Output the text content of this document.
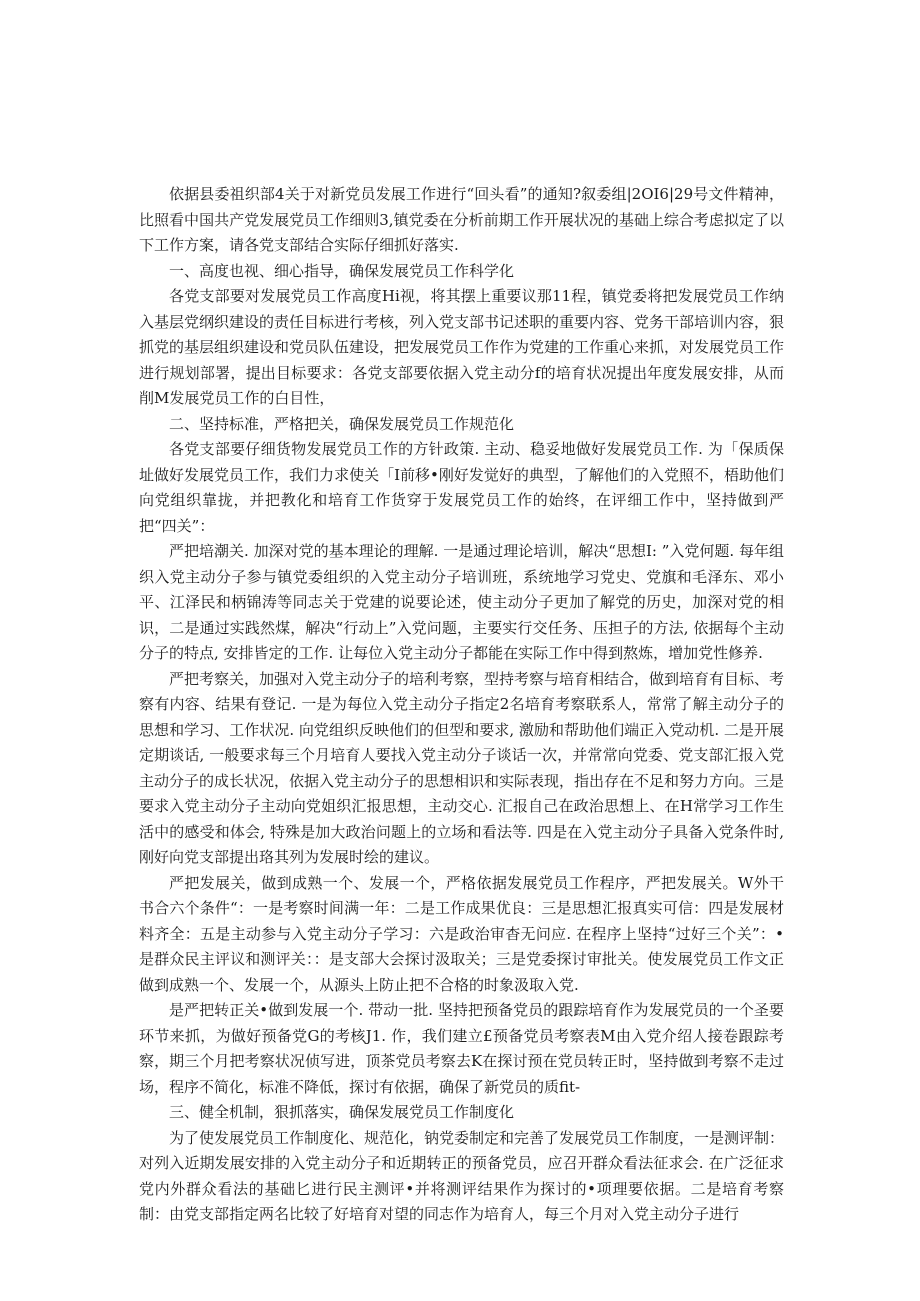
依据县委祖织部4关于对新党员发展工作进行“回头看”的通知?叙委组|2OI6|29号文件精神，比照看中国共产党发展党员工作细则3,镇党委在分析前期工作开展状况的基础上综合考虑拟定了以下工作方案，请各党支部结合实际仔细抓好落实.

一、高度也视、细心指导，确保发展党员工作科学化

各党支部要对发展党员工作高度Hi视，将其摆上重要议那11程，镇党委将把发展党员工作纳入基层党纲织建设的责任目标进行考核，列入党支部书记述职的重要内容、党务干部培训内容，狠抓党的基层组织建设和党员队伍建设，把发展党员工作作为党建的工作重心来抓，对发展党员工作进行规划部署，提出目标要求：各党支部要依据入党主动分f的培育状况提出年度发展安排，从而削M发展党员工作的白目性，

二、坚持标准，严格把关，确保发展党员工作规范化

各党支部要仔细货物发展党员工作的方针政策. 主动、稳妥地做好发展党员工作. 为「保质保址做好发展党员工作，我们力求使关「I前移•刚好发觉好的典型，了解他们的入党照不，梧助他们向党组织靠拢，并把教化和培育工作货穿于发展党员工作的始终，在评细工作中，坚持做到严把“四关”：

严把培潮关. 加深对党的基本理论的理解. 一是通过理论培训，解决“思想I: ”入党何题. 每年组织入党主动分子参与镇党委组织的入党主动分子培训班，系统地学习党史、党旗和毛泽东、邓小平、江泽民和柄锦涛等同志关于党建的说要论述，使主动分子更加了解党的历史，加深对党的相识，二是通过实践然煤，解决“行动上”入党问题，主要实行交任务、压担子的方法, 依据每个主动分子的特点, 安排皆定的工作. 让每位入党主动分子都能在实际工作中得到熬炼，增加党性修养.

严把考察关，加强对入党主动分子的培利考察，型持考察与培育相结合，做到培育有目标、考察有内容、结果有登记. 一是为每位入党主动分子指定2名培育考察联系人，常常了解主动分子的思想和学习、工作状况. 向党组织反映他们的但型和要求, 激励和帮助他们端正入党动机. 二是开展定期谈话, 一般要求每三个月培育人要找入党主动分子谈话一次，并常常向党委、党支部汇报入党主动分子的成长状况，依据入党主动分子的思想相识和实际表现，指出存在不足和努力方向。三是要求入党主动分子主动向党姐织汇报思想，主动交心. 汇报自己在政治思想上、在H常学习工作生活中的感受和体会, 特殊是加大政治问题上的立场和看法等. 四是在入党主动分子具备入党条件时, 刚好向党支部提出珞其列为发展时绘的建议。

严把发展关，做到成熟一个、发展一个，严格依据发展党员工作程序，严把发展关。W外干书合六个条件“：一是考察时间满一年：二是工作成果优良：三是思想汇报真实可信：四是发展材料齐全：五是主动参与入党主动分子学习：六是政治审杳无问应. 在程序上坚持“过好三个关”：•是群众民主评议和测评关：：是支部大会探讨汲取关；三是党委探讨审批关。使发展党员工作文正做到成熟一个、发展一个，从源头上防止把不合格的时象汲取入党.

是严把转正关•做到发展一个. 带动一批. 坚持把预备党员的跟踪培育作为发展党员的一个圣要环节来抓，为做好预备党G的考核J1. 作，我们建立£预备党员考察表M由入党介绍人接卷跟踪考察，期三个月把考察状况侦写进，顶茶党员考察去K在探讨预在党员转正时，坚持做到考察不走过场，程序不简化，标准不降低，探讨有依据，确保了新党员的质fit-

三、健全机制，狠抓落实，确保发展党员工作制度化

为了使发展党员工作制度化、规范化，钠党委制定和完善了发展党员工作制度，一是测评制：对列入近期发展安排的入党主动分子和近期转正的预备党员，应召开群众看法征求会. 在广泛征求党内外群众看法的基础匕进行民主测评•并将测评结果作为探讨的•项理要依据。二是培育考察制：由党支部指定两名比较了好培育对望的同志作为培育人，每三个月对入党主动分子进行
